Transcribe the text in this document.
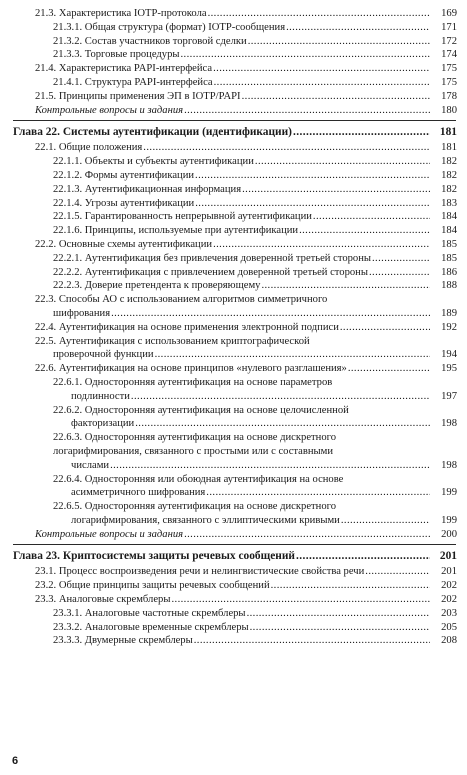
21.3. Характеристика IOTP-протокола .....	169
21.3.1. Общая структура (формат) IOTP-сообщения .....	171
21.3.2. Состав участников торговой сделки .....	172
21.3.3. Торговые процедуры .....	174
21.4. Характеристика PAPI-интерфейса .....	175
21.4.1. Структура PAPI-интерфейса .....	175
21.5. Принципы применения ЭП в IOTP/PAPI .....	178
Контрольные вопросы и задания .....	180
Глава 22. Системы аутентификации (идентификации) .....	181
22.1. Общие положения .....	181
22.1.1. Объекты и субъекты аутентификации .....	182
22.1.2. Формы аутентификации .....	182
22.1.3. Аутентификационная информация .....	182
22.1.4. Угрозы аутентификации .....	183
22.1.5. Гарантированность непрерывной аутентификации .....	184
22.1.6. Принципы, используемые при аутентификации .....	184
22.2. Основные схемы аутентификации .....	185
22.2.1. Аутентификация без привлечения доверенной третьей стороны .....	185
22.2.2. Аутентификация с привлечением доверенной третьей стороны .....	186
22.2.3. Доверие претендента к проверяющему .....	188
22.3. Способы АО с использованием алгоритмов симметричного
шифрования .....	189
22.4. Аутентификация на основе применения электронной подписи .....	192
22.5. Аутентификация с использованием криптографической
проверочной функции .....	194
22.6. Аутентификация на основе принципов «нулевого разглашения» .....	195
22.6.1. Односторонняя аутентификация на основе параметров
подлинности .....	197
22.6.2. Односторонняя аутентификация на основе целочисленной
факторизации .....	198
22.6.3. Односторонняя аутентификация на основе дискретного
логарифмирования, связанного с простыми или с составными
числами .....	198
22.6.4. Односторонняя или обоюдная аутентификация на основе
асимметричного шифрования .....	199
22.6.5. Односторонняя аутентификация на основе дискретного
логарифмирования, связанного с эллиптическими кривыми .....	199
Контрольные вопросы и задания .....	200
Глава 23. Криптосистемы защиты речевых сообщений .....	201
23.1. Процесс воспроизведения речи и нелингвистические свойства речи .....	201
23.2. Общие принципы защиты речевых сообщений .....	202
23.3. Аналоговые скремблеры .....	202
23.3.1. Аналоговые частотные скремблеры .....	203
23.3.2. Аналоговые временные скремблеры .....	205
23.3.3. Двумерные скремблеры .....	208
6
